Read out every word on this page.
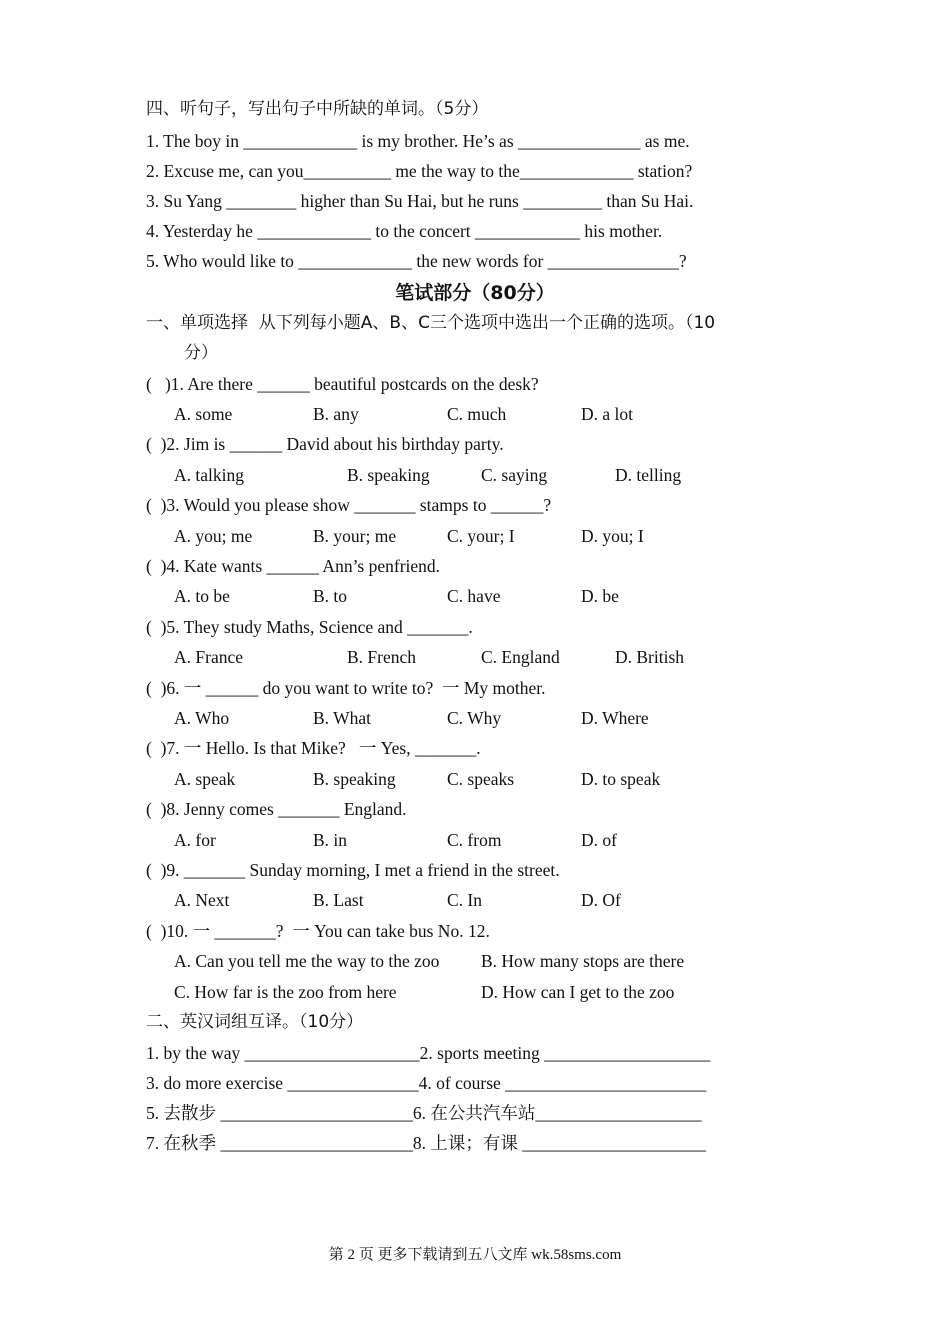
四、听句子，写出句子中所缺的单词。（5分）
1. The boy in _____________ is my brother. He’s as ______________ as me.
2. Excuse me, can you__________ me the way to the_____________ station?
3. Su Yang ________ higher than Su Hai, but he runs _________ than Su Hai.
4. Yesterday he _____________ to the concert ____________ his mother.
5. Who would like to _____________ the new words for _______________?
笔试部分（80分）
一、单项选择  从下列每小题A、B、C三个选项中选出一个正确的选项。（10
分）
(   )1. Are there ______ beautiful postcards on the desk?
A. some	B. any	C. much	D. a lot
(  )2. Jim is ______ David about his birthday party.
A. talking	B. speaking	C. saying	D. telling
(  )3. Would you please show _______ stamps to ______?
A. you; me	B. your; me	C. your; I	D. you; I
(  )4. Kate wants ______ Ann’s penfriend.
A. to be	B. to	C. have	D. be
(  )5. They study Maths, Science and _______.
A. France	B. French	C. England	D. British
(  )6. 一 ______ do you want to write to?  一 My mother.
A. Who	B. What	C. Why	D. Where
(  )7. 一 Hello. Is that Mike?   一 Yes, _______.
A. speak	B. speaking	C. speaks	D. to speak
(  )8. Jenny comes _______ England.
A. for	B. in	C. from	D. of
(  )9. _______ Sunday morning, I met a friend in the street.
A. Next	B. Last	C. In	D. Of
(  )10. 一 _______?  一 You can take bus No. 12.
A. Can you tell me the way to the zoo B. How many stops are there
C. How far is the zoo from here	D. How can I get to the zoo
二、英汉词组互译。（10分）
1. by the way ____________________2. sports meeting ___________________
3. do more exercise _______________4. of course _______________________
5. 去散步 ______________________6. 在公共汽车站___________________
7. 在秋季 ______________________8. 上课；有课 _____________________
第 2 页 更多下载请到五八文库 wk.58sms.com
